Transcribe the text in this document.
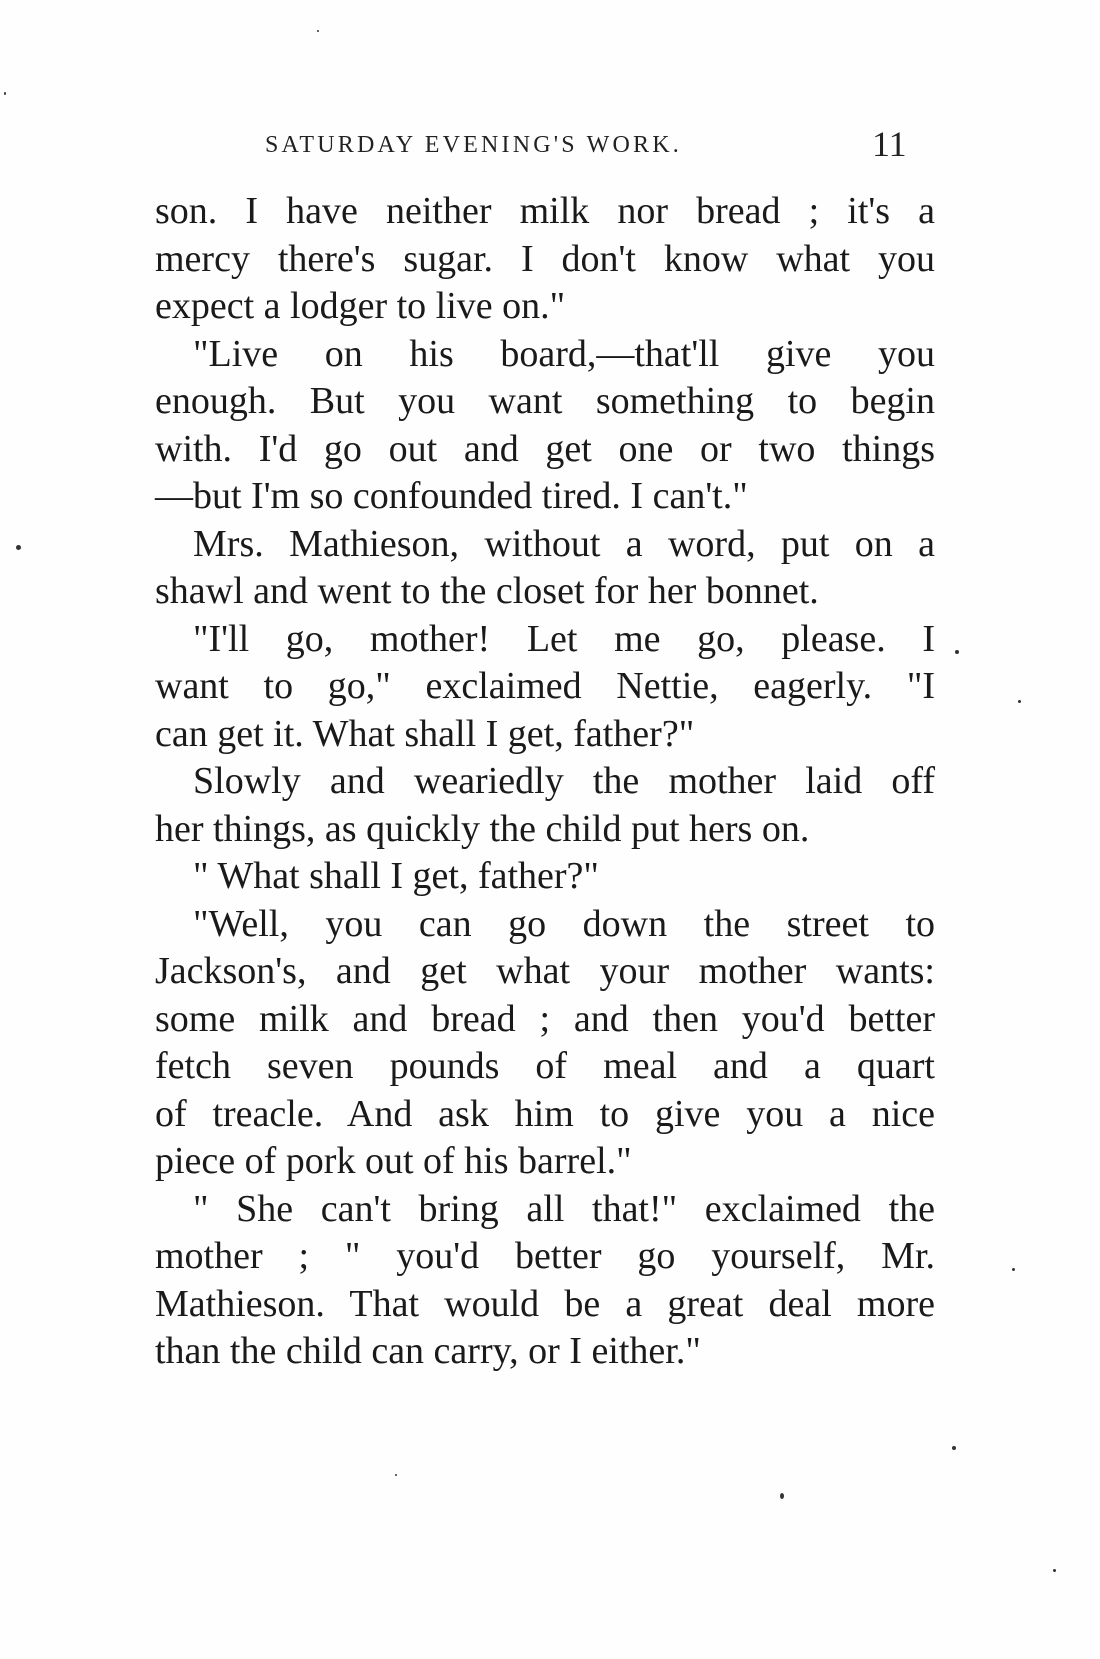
SATURDAY EVENING'S WORK.	11
son. I have neither milk nor bread ; it's a
mercy there's sugar. I don't know what you
expect a lodger to live on."
"Live on his board,—that'll give you
enough. But you want something to begin
with. I'd go out and get one or two things
—but I'm so confounded tired. I can't."
Mrs. Mathieson, without a word, put on a
shawl and went to the closet for her bonnet.
"I'll go, mother! Let me go, please. I
want to go," exclaimed Nettie, eagerly. "I
can get it. What shall I get, father?"
Slowly and weariedly the mother laid off
her things, as quickly the child put hers on.
" What shall I get, father?"
"Well, you can go down the street to
Jackson's, and get what your mother wants:
some milk and bread ; and then you'd better
fetch seven pounds of meal and a quart
of treacle. And ask him to give you a nice
piece of pork out of his barrel."
" She can't bring all that!" exclaimed the
mother ; " you'd better go yourself, Mr.
Mathieson. That would be a great deal more
than the child can carry, or I either."
